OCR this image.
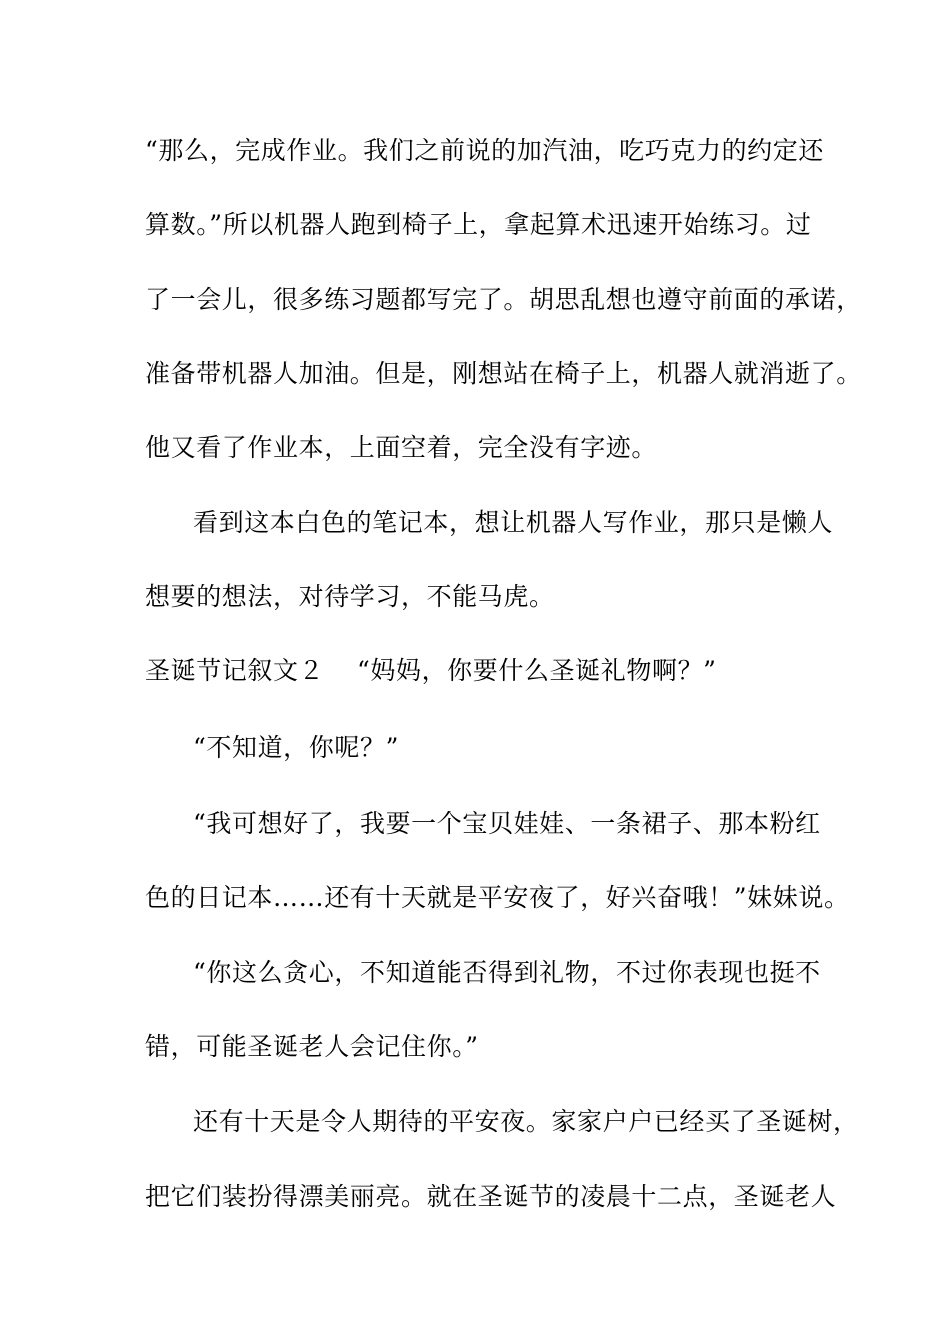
“那么，完成作业。我们之前说的加汽油，吃巧克力的约定还
算数。”所以机器人跑到椅子上，拿起算术迅速开始练习。过
了一会儿，很多练习题都写完了。胡思乱想也遵守前面的承诺，
准备带机器人加油。但是，刚想站在椅子上，机器人就消逝了。
他又看了作业本，上面空着，完全没有字迹。
看到这本白色的笔记本，想让机器人写作业，那只是懒人
想要的想法，对待学习，不能马虎。
圣诞节记叙文２ “妈妈，你要什么圣诞礼物啊？”
“不知道，你呢？”
“我可想好了，我要一个宝贝娃娃、一条裙子、那本粉红
色的日记本……还有十天就是平安夜了，好兴奋哦！”妹妹说。
“你这么贪心，不知道能否得到礼物，不过你表现也挺不
错，可能圣诞老人会记住你。”
还有十天是令人期待的平安夜。家家户户已经买了圣诞树，
把它们装扮得漂美丽亮。就在圣诞节的凌晨十二点，圣诞老人
